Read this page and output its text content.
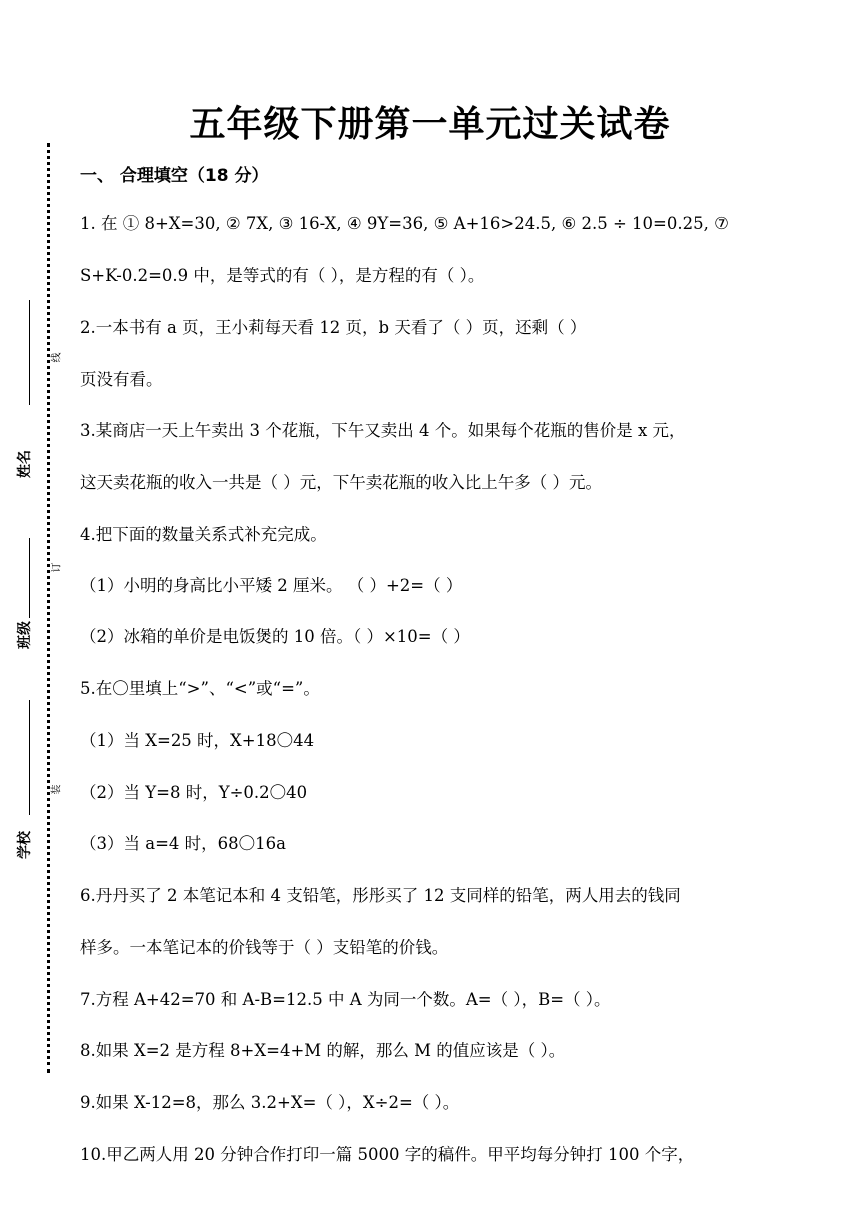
姓名
班级
学校
线
订
装
五年级下册第一单元过关试卷
一、 合理填空（18 分）
1. 在 ① 8+X=30, ② 7X, ③ 16-X, ④ 9Y=36, ⑤ A+16>24.5, ⑥ 2.5 ÷ 10=0.25, ⑦
S+K-0.2=0.9 中，是等式的有（ ），是方程的有（ ）。
2.一本书有 a 页，王小莉每天看 12 页，b 天看了（ ）页，还剩（ ）
页没有看。
3.某商店一天上午卖出 3 个花瓶，下午又卖出 4 个。如果每个花瓶的售价是 x 元，
这天卖花瓶的收入一共是（ ）元，下午卖花瓶的收入比上午多（ ）元。
4.把下面的数量关系式补充完成。
（1）小明的身高比小平矮 2 厘米。 （ ）+2=（ ）
（2）冰箱的单价是电饭煲的 10 倍。（ ）×10=（ ）
5.在〇里填上“>”、“<”或“=”。
（1）当 X=25 时，X+18〇44
（2）当 Y=8 时，Y÷0.2〇40
（3）当 a=4 时，68〇16a
6.丹丹买了 2 本笔记本和 4 支铅笔，彤彤买了 12 支同样的铅笔，两人用去的钱同
样多。一本笔记本的价钱等于（ ）支铅笔的价钱。
7.方程 A+42=70 和 A-B=12.5 中 A 为同一个数。A=（ ），B=（ ）。
8.如果 X=2 是方程 8+X=4+M 的解，那么 M 的值应该是（ ）。
9.如果 X-12=8，那么 3.2+X=（ ），X÷2=（ ）。
10.甲乙两人用 20 分钟合作打印一篇 5000 字的稿件。甲平均每分钟打 100 个字，
